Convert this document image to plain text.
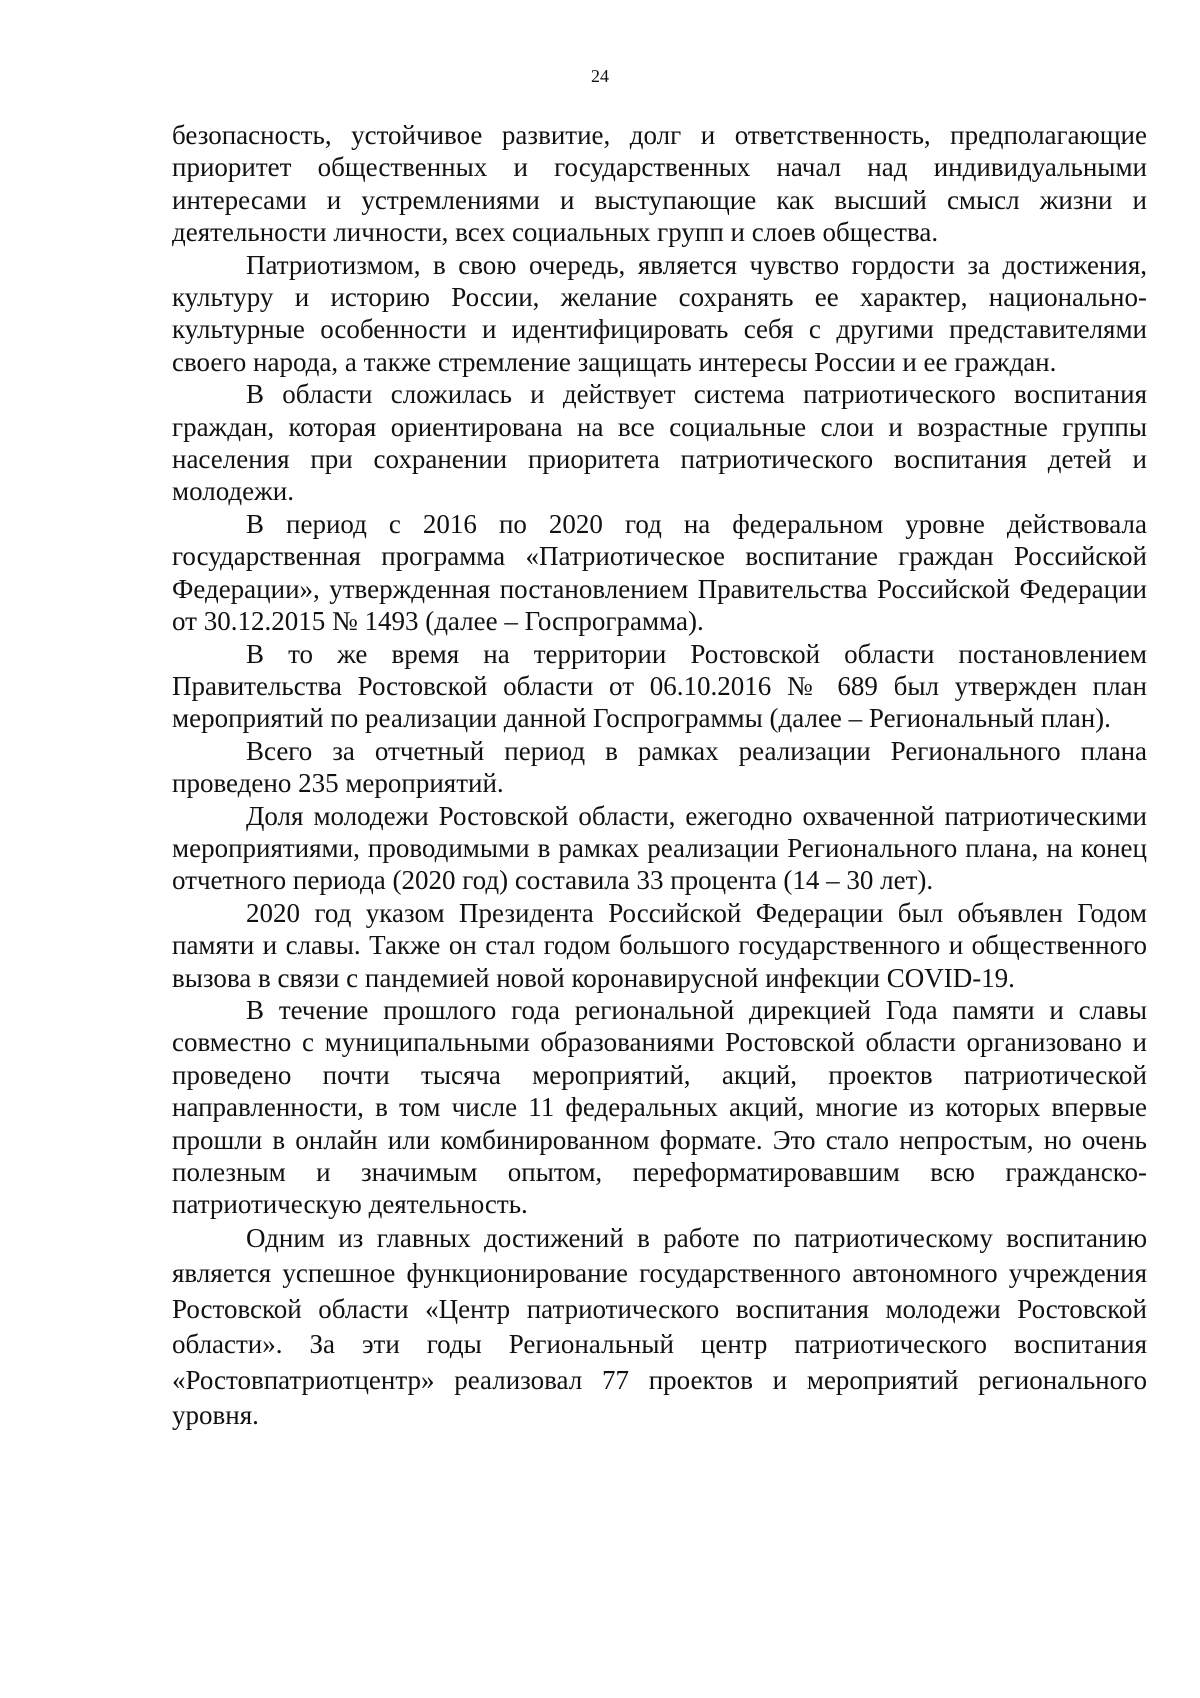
24

безопасность, устойчивое развитие, долг и ответственность, предполагающие приоритет общественных и государственных начал над индивидуальными интересами и устремлениями и выступающие как высший смысл жизни и деятельности личности, всех социальных групп и слоев общества.

Патриотизмом, в свою очередь, является чувство гордости за достижения, культуру и историю России, желание сохранять ее характер, национально-культурные особенности и идентифицировать себя с другими представителями своего народа, а также стремление защищать интересы России и ее граждан.

В области сложилась и действует система патриотического воспитания граждан, которая ориентирована на все социальные слои и возрастные группы населения при сохранении приоритета патриотического воспитания детей и молодежи.

В период с 2016 по 2020 год на федеральном уровне действовала государственная программа «Патриотическое воспитание граждан Российской Федерации», утвержденная постановлением Правительства Российской Федерации от 30.12.2015 № 1493 (далее – Госпрограмма).

В то же время на территории Ростовской области постановлением Правительства Ростовской области от 06.10.2016 № 689 был утвержден план мероприятий по реализации данной Госпрограммы (далее – Региональный план).

Всего за отчетный период в рамках реализации Регионального плана проведено 235 мероприятий.

Доля молодежи Ростовской области, ежегодно охваченной патриотическими мероприятиями, проводимыми в рамках реализации Регионального плана, на конец отчетного периода (2020 год) составила 33 процента (14 – 30 лет).

2020 год указом Президента Российской Федерации был объявлен Годом памяти и славы. Также он стал годом большого государственного и общественного вызова в связи с пандемией новой коронавирусной инфекции COVID-19.

В течение прошлого года региональной дирекцией Года памяти и славы совместно с муниципальными образованиями Ростовской области организовано и проведено почти тысяча мероприятий, акций, проектов патриотической направленности, в том числе 11 федеральных акций, многие из которых впервые прошли в онлайн или комбинированном формате. Это стало непростым, но очень полезным и значимым опытом, переформатировавшим всю гражданско-патриотическую деятельность.

Одним из главных достижений в работе по патриотическому воспитанию является успешное функционирование государственного автономного учреждения Ростовской области «Центр патриотического воспитания молодежи Ростовской области». За эти годы Региональный центр патриотического воспитания «Ростовпатриотцентр» реализовал 77 проектов и мероприятий регионального уровня.
